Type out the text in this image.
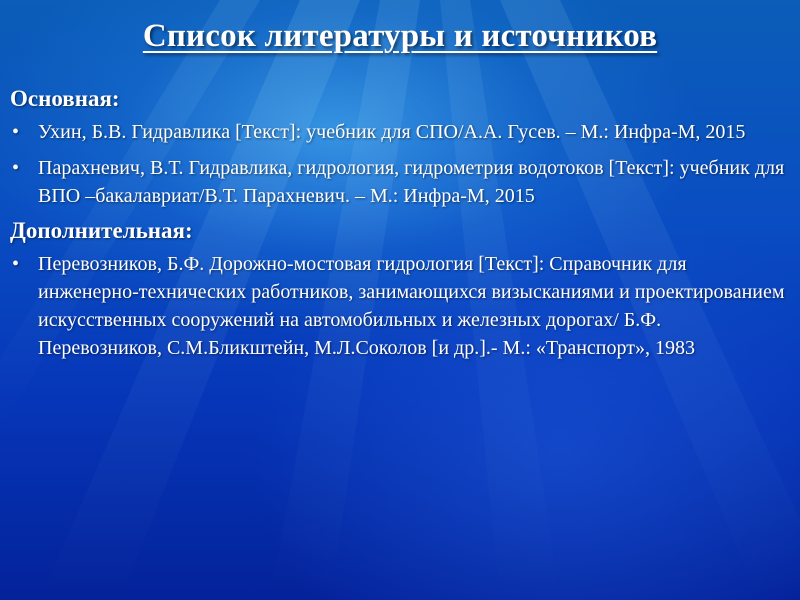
Список литературы и источников
Основная:
• Ухин, Б.В. Гидравлика [Текст]: учебник для СПО/А.А. Гусев. – М.: Инфра-М, 2015
• Парахневич, В.Т. Гидравлика, гидрология, гидрометрия водотоков [Текст]: учебник для ВПО –бакалавриат/В.Т. Парахневич. – М.: Инфра-М, 2015
Дополнительная:
• Перевозников, Б.Ф. Дорожно-мостовая гидрология [Текст]: Справочник для инженерно-технических работников, занимающихся визысканиями и проектированием искусственных сооружений на автомобильных и железных дорогах/ Б.Ф. Перевозников, С.М.Бликштейн, М.Л.Соколов [и др.].- М.: «Транспорт», 1983
